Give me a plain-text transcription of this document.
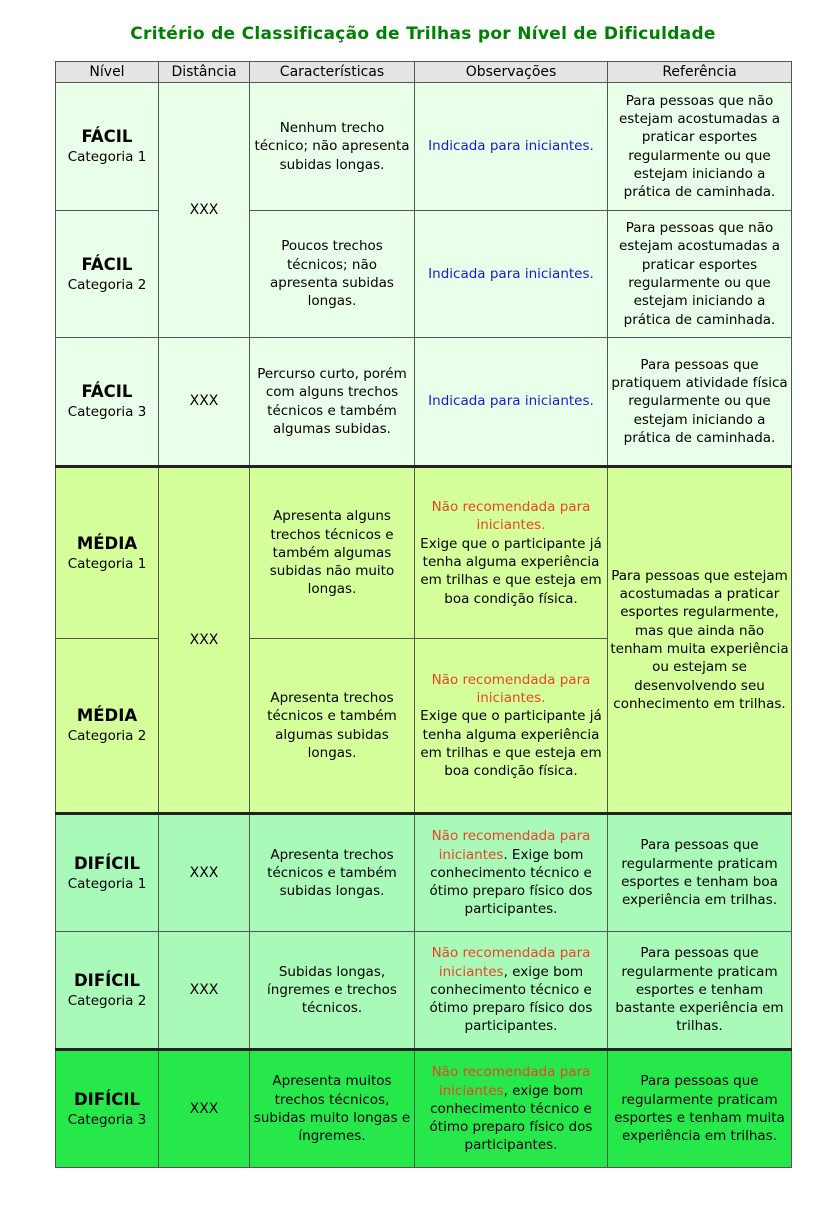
Critério de Classificação de Trilhas por Nível de Dificuldade
Nível	Distância	Características	Observações	Referência

FÁCIL
Categoria 1	XXX	Nenhum trecho técnico; não apresenta subidas longas.	Indicada para iniciantes.	Para pessoas que não estejam acostumadas a praticar esportes regularmente ou que estejam iniciando a prática de caminhada.

FÁCIL
Categoria 2		Poucos trechos técnicos; não apresenta subidas longas.	Indicada para iniciantes.	Para pessoas que não estejam acostumadas a praticar esportes regularmente ou que estejam iniciando a prática de caminhada.

FÁCIL
Categoria 3	XXX	Percurso curto, porém com alguns trechos técnicos e também algumas subidas.	Indicada para iniciantes.	Para pessoas que pratiquem atividade física regularmente ou que estejam iniciando a prática de caminhada.

MÉDIA
Categoria 1	XXX	Apresenta alguns trechos técnicos e também algumas subidas não muito longas.	Não recomendada para iniciantes.
Exige que o participante já tenha alguma experiência em trilhas e que esteja em boa condição física.	Para pessoas que estejam acostumadas a praticar esportes regularmente, mas que ainda não tenham muita experiência ou estejam se desenvolvendo seu conhecimento em trilhas.

MÉDIA
Categoria 2		Apresenta trechos técnicos e também algumas subidas longas.	Não recomendada para iniciantes.
Exige que o participante já tenha alguma experiência em trilhas e que esteja em boa condição física.	

DIFÍCIL
Categoria 1	XXX	Apresenta trechos técnicos e também subidas longas.	Não recomendada para iniciantes. Exige bom conhecimento técnico e ótimo preparo físico dos participantes.	Para pessoas que regularmente praticam esportes e tenham boa experiência em trilhas.

DIFÍCIL
Categoria 2	XXX	Subidas longas, íngremes e trechos técnicos.	Não recomendada para iniciantes, exige bom conhecimento técnico e ótimo preparo físico dos participantes.	Para pessoas que regularmente praticam esportes e tenham bastante experiência em trilhas.

DIFÍCIL
Categoria 3	XXX	Apresenta muitos trechos técnicos, subidas muito longas e íngremes.	Não recomendada para iniciantes, exige bom conhecimento técnico e ótimo preparo físico dos participantes.	Para pessoas que regularmente praticam esportes e tenham muita experiência em trilhas.
